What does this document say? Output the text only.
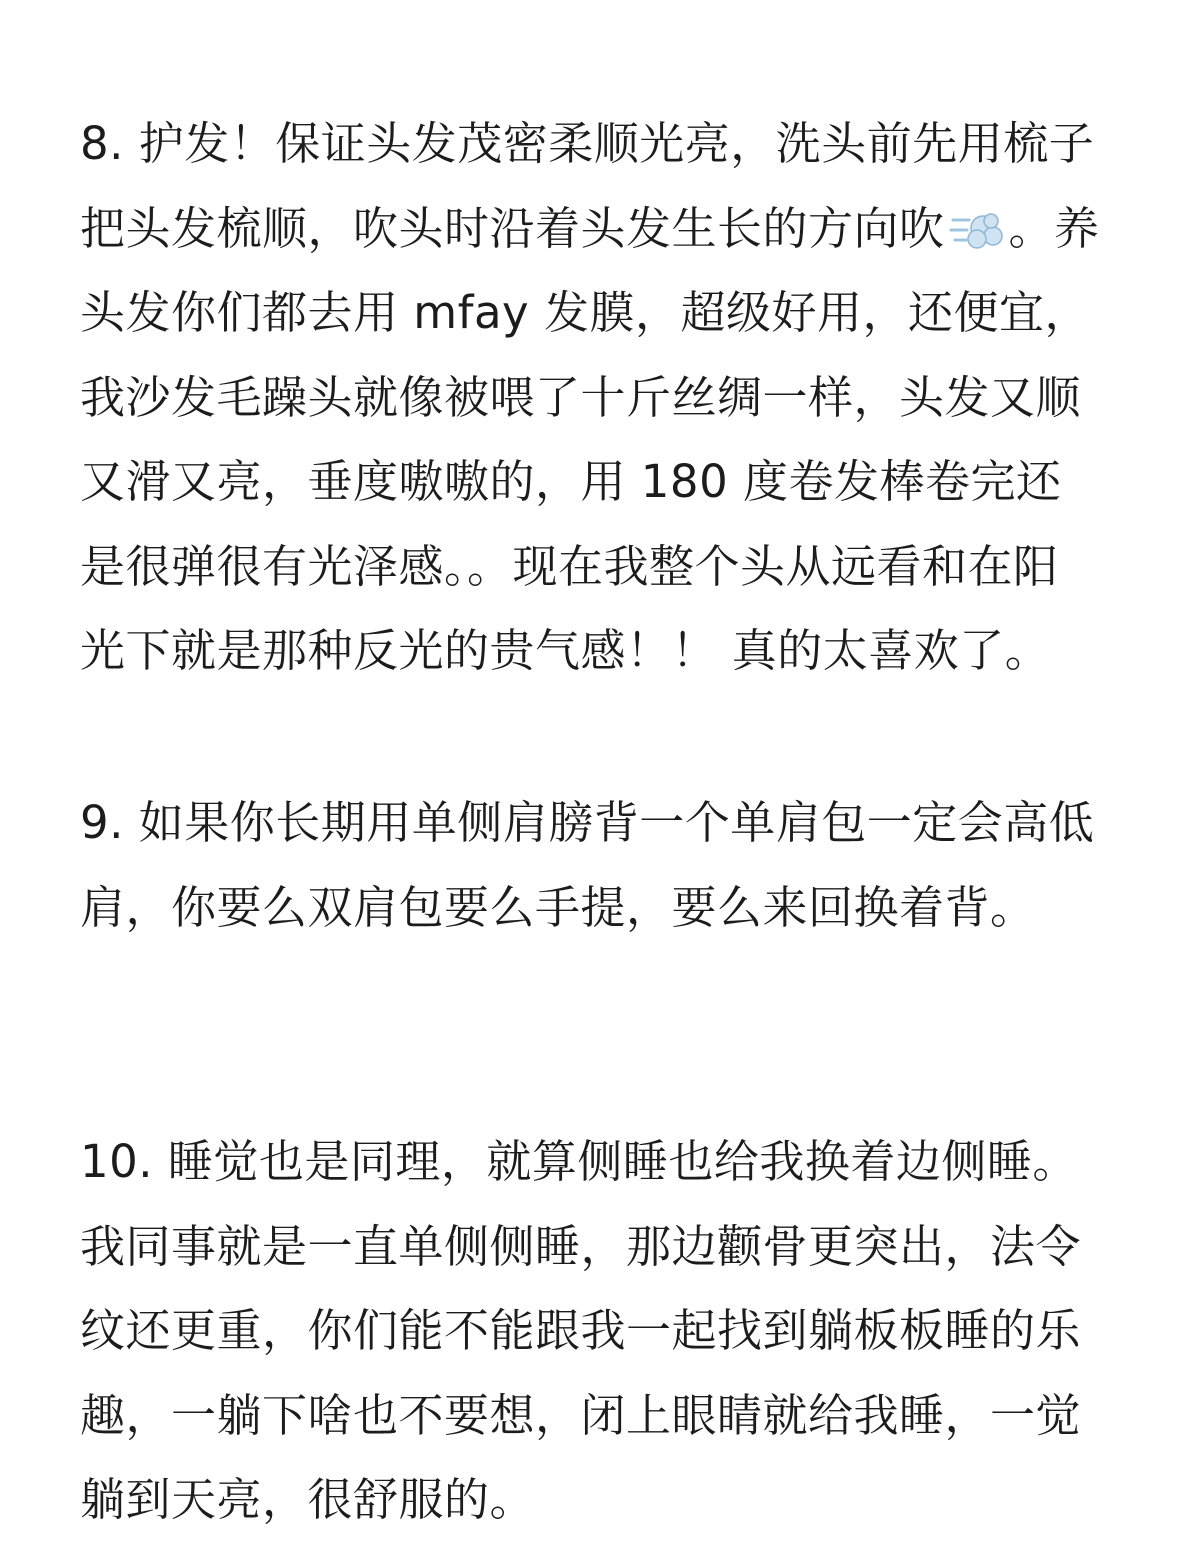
8. 护发！保证头发茂密柔顺光亮，洗头前先用梳子把头发梳顺，吹头时沿着头发生长的方向吹 。养头发你们都去用 mfay 发膜，超级好用，还便宜，我沙发毛躁头就像被喂了十斤丝绸一样，头发又顺又滑又亮，垂度嗷嗷的，用 180 度卷发棒卷完还是很弹很有光泽感。。现在我整个头从远看和在阳光下就是那种反光的贵气感！！ 真的太喜欢了。

9. 如果你长期用单侧肩膀背一个单肩包一定会高低肩，你要么双肩包要么手提，要么来回换着背。

10. 睡觉也是同理，就算侧睡也给我换着边侧睡。我同事就是一直单侧侧睡，那边颧骨更突出，法令纹还更重，你们能不能跟我一起找到躺板板睡的乐趣，一躺下啥也不要想，闭上眼睛就给我睡，一觉躺到天亮，很舒服的。
